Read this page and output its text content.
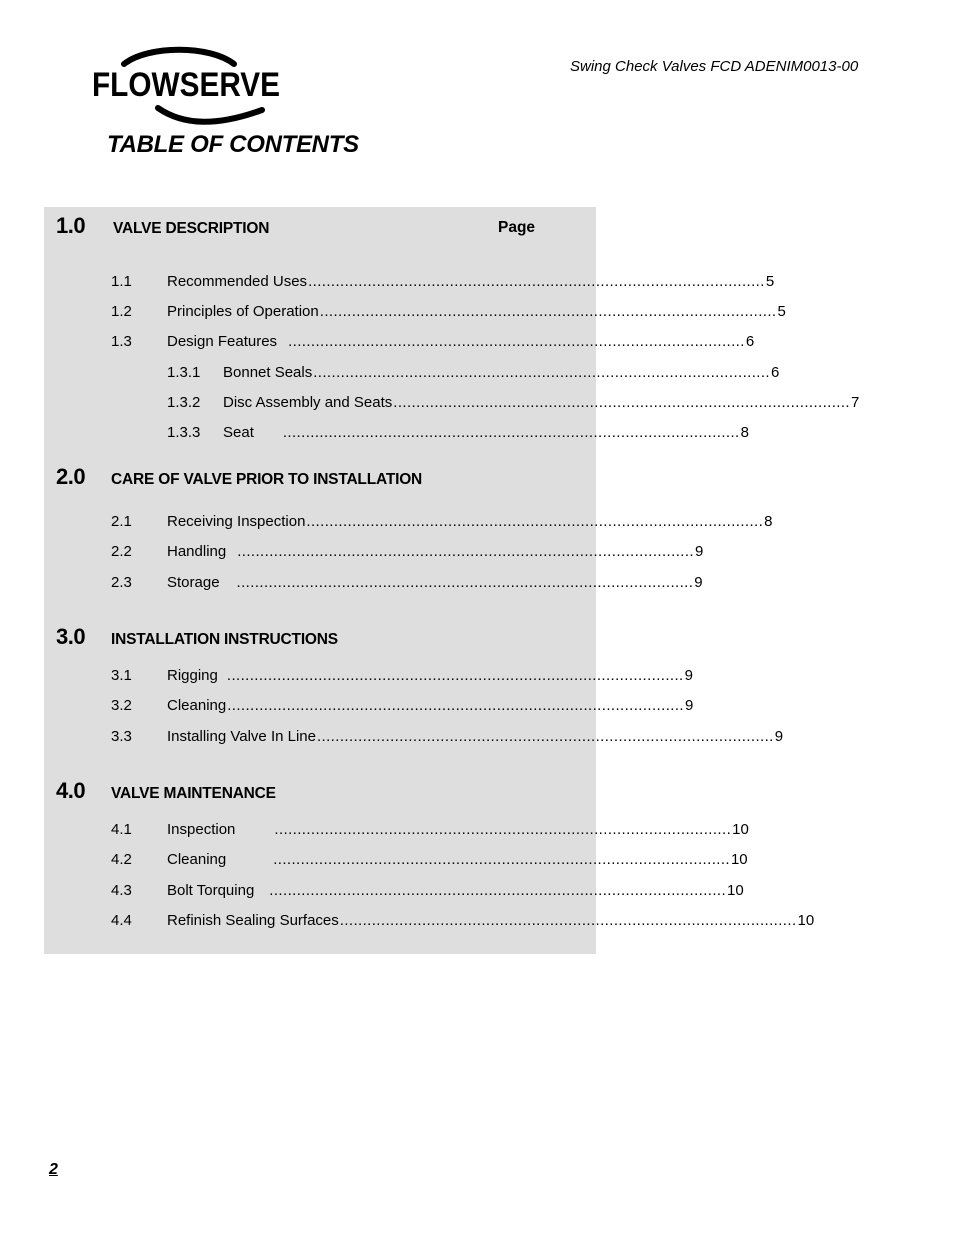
FLOWSERVE	Swing Check Valves FCD ADENIM0013-00
TABLE OF CONTENTS
Page
1.0 VALVE DESCRIPTION
1.1 Recommended Uses .................................................................................................... 5
1.2 Principles of Operation .................................................................................................... 5
1.3 Design Features .................................................................................................... 6
1.3.1 Bonnet Seals .................................................................................................... 6
1.3.2 Disc Assembly and Seats .................................................................................................... 7
1.3.3 Seat .................................................................................................... 8
2.0 CARE OF VALVE PRIOR TO INSTALLATION
2.1 Receiving Inspection .................................................................................................... 8
2.2 Handling .................................................................................................... 9
2.3 Storage .................................................................................................... 9
3.0 INSTALLATION INSTRUCTIONS
3.1 Rigging .................................................................................................... 9
3.2 Cleaning .................................................................................................... 9
3.3 Installing Valve In Line .................................................................................................... 9
4.0 VALVE MAINTENANCE
4.1 Inspection	.................................................................................................... 10
4.2 Cleaning	.................................................................................................... 10
4.3 Bolt Torquing .................................................................................................... 10
4.4 Refinish Sealing Surfaces .................................................................................................... 10
2
